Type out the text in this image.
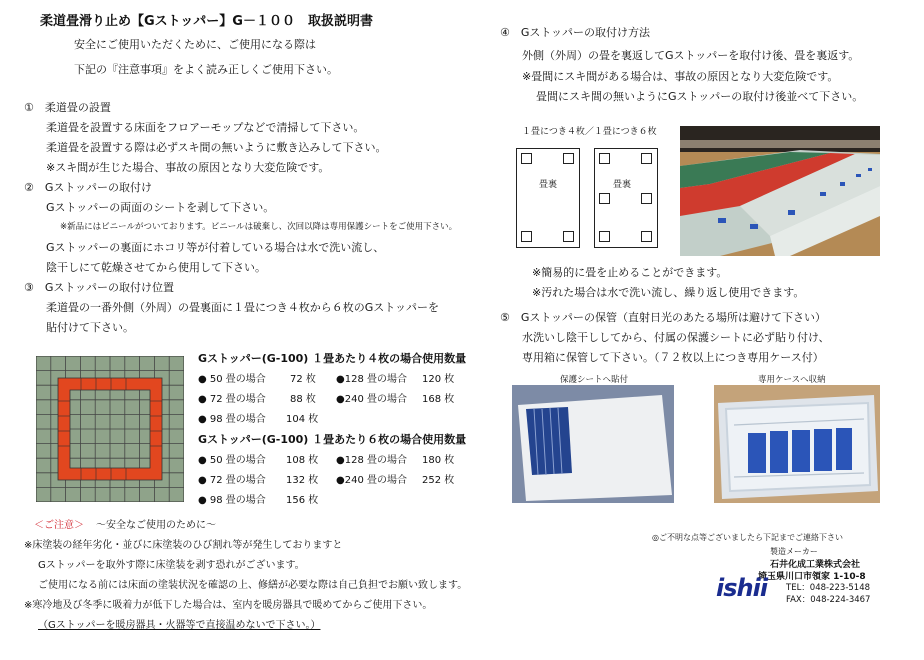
柔道畳滑り止め【Gストッパー】G－１００　取扱説明書
安全にご使用いただくために、ご使用になる際は
下記の『注意事項』をよく読み正しくご使用下さい。
①　柔道畳の設置
柔道畳を設置する床面をフロアーモップなどで清掃して下さい。
柔道畳を設置する際は必ずスキ間の無いように敷き込みして下さい。
※スキ間が生じた場合、事故の原因となり大変危険です。
②　Gストッパーの取付け
Gストッパーの両面のシートを剥して下さい。
※新品にはビニールがついております。ビニールは破棄し、次回以降は専用保護シートをご使用下さい。
Gストッパーの裏面にホコリ等が付着している場合は水で洗い流し、
陰干しにて乾燥させてから使用して下さい。
③　Gストッパーの取付け位置
柔道畳の一番外側（外周）の畳裏面に１畳につき４枚から６枚のGストッパーを
貼付けて下さい。
Gストッパー(G-100) １畳あたり４枚の場合使用数量
● 50 畳の場合 72 枚 ●128 畳の場合 120 枚
● 72 畳の場合 88 枚 ●240 畳の場合 168 枚
● 98 畳の場合 104 枚
Gストッパー(G-100) １畳あたり６枚の場合使用数量
● 50 畳の場合 108 枚 ●128 畳の場合 180 枚
● 72 畳の場合 132 枚 ●240 畳の場合 252 枚
● 98 畳の場合 156 枚
＜ご注意＞ ～安全なご使用のために～
※床塗装の経年劣化・並びに床塗装のひび割れ等が発生しておりますと
Gストッパーを取外す際に床塗装を剥す恐れがございます。
ご使用になる前には床面の塗装状況を確認の上、修繕が必要な際は自己負担でお願い致します。
※寒冷地及び冬季に吸着力が低下した場合は、室内を暖房器具で暖めてからご使用下さい。
（Gストッパーを暖房器具・火器等で直接温めないで下さい。）
④　Gストッパーの取付け方法
外側（外周）の畳を裏返してGストッパーを取付け後、畳を裏返す。
※畳間にスキ間がある場合は、事故の原因となり大変危険です。
畳間にスキ間の無いようにGストッパーの取付け後並べて下さい。
１畳につき４枚／１畳につき６枚
畳裏	畳裏
※簡易的に畳を止めることができます。
※汚れた場合は水で洗い流し、繰り返し使用できます。
⑤　Gストッパーの保管（直射日光のあたる場所は避けて下さい）
水洗いし陰干ししてから、付属の保護シートに必ず貼り付け、
専用箱に保管して下さい。（７２枚以上につき専用ケース付）
保護シートへ貼付	専用ケースへ収納
◎ご不明な点等ございましたら下記までご連絡下さい
製造メーカー
石井化成工業株式会社
埼玉県川口市領家 1-10-8
TEL：048-223-5148
FAX：048-224-3467
ishii
